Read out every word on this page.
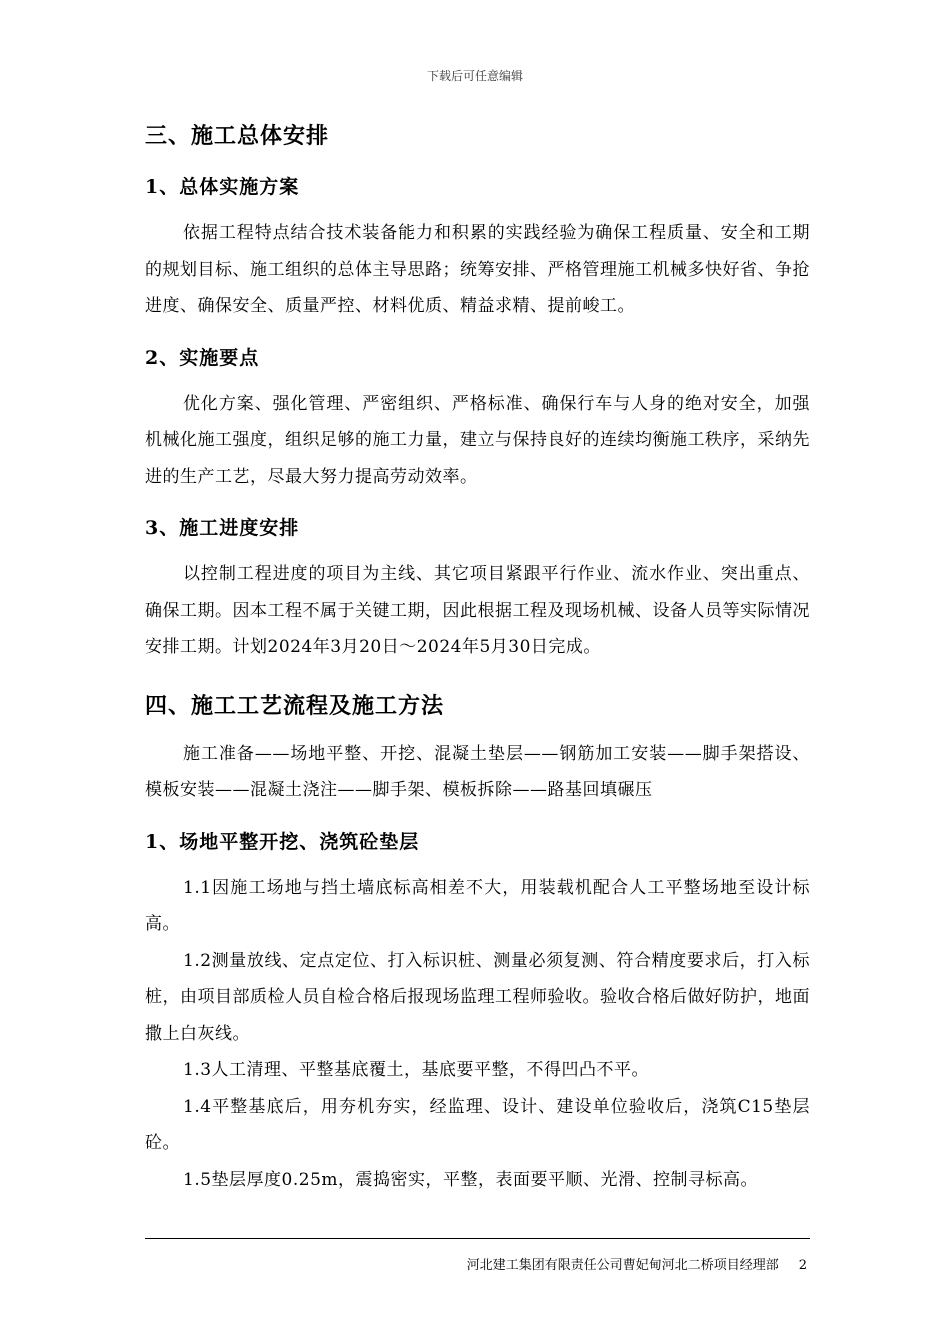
下载后可任意编辑
三、施工总体安排
1、总体实施方案

依据工程特点结合技术装备能力和积累的实践经验为确保工程质量、安全和工期的规划目标、施工组织的总体主导思路；统筹安排、严格管理施工机械多快好省、争抢进度、确保安全、质量严控、材料优质、精益求精、提前峻工。

2、实施要点

优化方案、强化管理、严密组织、严格标准、确保行车与人身的绝对安全，加强机械化施工强度，组织足够的施工力量，建立与保持良好的连续均衡施工秩序，采纳先进的生产工艺，尽最大努力提高劳动效率。

3、施工进度安排

以控制工程进度的项目为主线、其它项目紧跟平行作业、流水作业、突出重点、确保工期。因本工程不属于关键工期，因此根据工程及现场机械、设备人员等实际情况安排工期。计划2024年3月20日～2024年5月30日完成。

四、施工工艺流程及施工方法

施工准备——场地平整、开挖、混凝土垫层——钢筋加工安装——脚手架搭设、模板安装——混凝土浇注——脚手架、模板拆除——路基回填碾压

1、场地平整开挖、浇筑砼垫层

1.1因施工场地与挡土墙底标高相差不大，用装载机配合人工平整场地至设计标高。

1.2测量放线、定点定位、打入标识桩、测量必须复测、符合精度要求后，打入标桩，由项目部质检人员自检合格后报现场监理工程师验收。验收合格后做好防护，地面撒上白灰线。

1.3人工清理、平整基底覆土，基底要平整，不得凹凸不平。

1.4平整基底后，用夯机夯实，经监理、设计、建设单位验收后，浇筑C15垫层砼。

1.5垫层厚度0.25m，震捣密实，平整，表面要平顺、光滑、控制寻标高。

河北建工集团有限责任公司曹妃甸河北二桥项目经理部 2
